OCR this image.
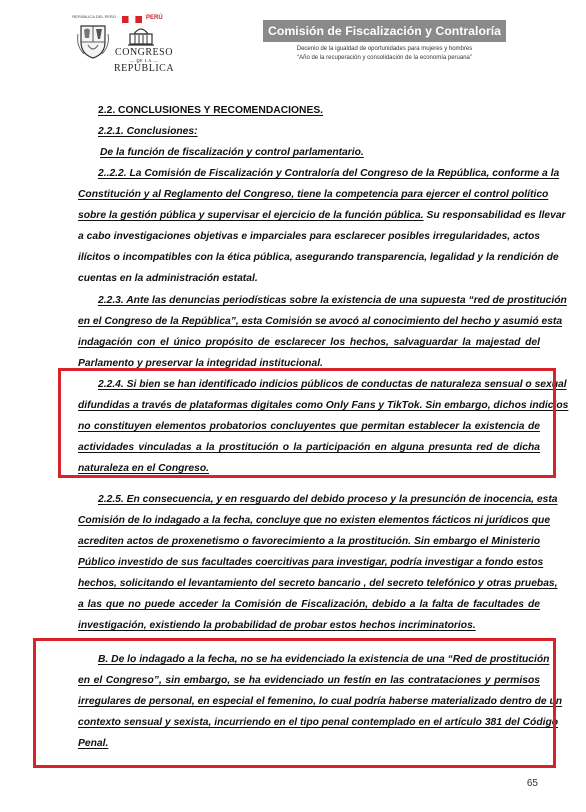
REPÚBLICA DEL PERÚ	PERÚ
CONGRESO
— DE LA —
REPÚBLICA
Comisión de Fiscalización y Contraloría
Decenio de la igualdad de oportunidades para mujeres y hombres
“Año de la recuperación y consolidación de la economía peruana”
2.2. CONCLUSIONES Y RECOMENDACIONES.
2.2.1. Conclusiones:
De la función de fiscalización y control parlamentario.
2..2.2. La Comisión de Fiscalización y Contraloría del Congreso de la República, conforme a la
Constitución y al Reglamento del Congreso, tiene la competencia para ejercer el control político
sobre la gestión pública y supervisar el ejercicio de la función pública. Su responsabilidad es llevar
a cabo investigaciones objetivas e imparciales para esclarecer posibles irregularidades, actos
ilícitos o incompatibles con la ética pública, asegurando transparencia, legalidad y la rendición de
cuentas en la administración estatal.
2.2.3. Ante las denuncias periodísticas sobre la existencia de una supuesta “red de prostitución
en el Congreso de la República”, esta Comisión se avocó al conocimiento del hecho y asumió esta
indagación con el único propósito de esclarecer los hechos, salvaguardar la majestad del
Parlamento y preservar la integridad institucional.
2.2.4. Si bien se han identificado indicios públicos de conductas de naturaleza sensual o sexual
difundidas a través de plataformas digitales como Only Fans y TikTok. Sin embargo, dichos indicios
no constituyen elementos probatorios concluyentes que permitan establecer la existencia de
actividades vinculadas a la prostitución o la participación en alguna presunta red de dicha
naturaleza en el Congreso.
2.2.5. En consecuencia, y en resguardo del debido proceso y la presunción de inocencia, esta
Comisión de lo indagado a la fecha, concluye que no existen elementos fácticos ni jurídicos que
acrediten actos de proxenetismo o favorecimiento a la prostitución. Sin embargo el Ministerio
Público investido de sus facultades coercitivas para investigar, podría investigar a fondo estos
hechos, solicitando el levantamiento del secreto bancario , del secreto telefónico y otras pruebas,
a las que no puede acceder la Comisión de Fiscalización, debido a la falta de facultades de
investigación, existiendo la probabilidad de probar estos hechos incriminatorios.
B. De lo indagado a la fecha, no se ha evidenciado la existencia de una “Red de prostitución
en el Congreso”, sin embargo, se ha evidenciado un festín en las contrataciones y permisos
irregulares de personal, en especial el femenino, lo cual podría haberse materializado dentro de un
contexto sensual y sexista, incurriendo en el tipo penal contemplado en el artículo 381 del Código
Penal.
65
